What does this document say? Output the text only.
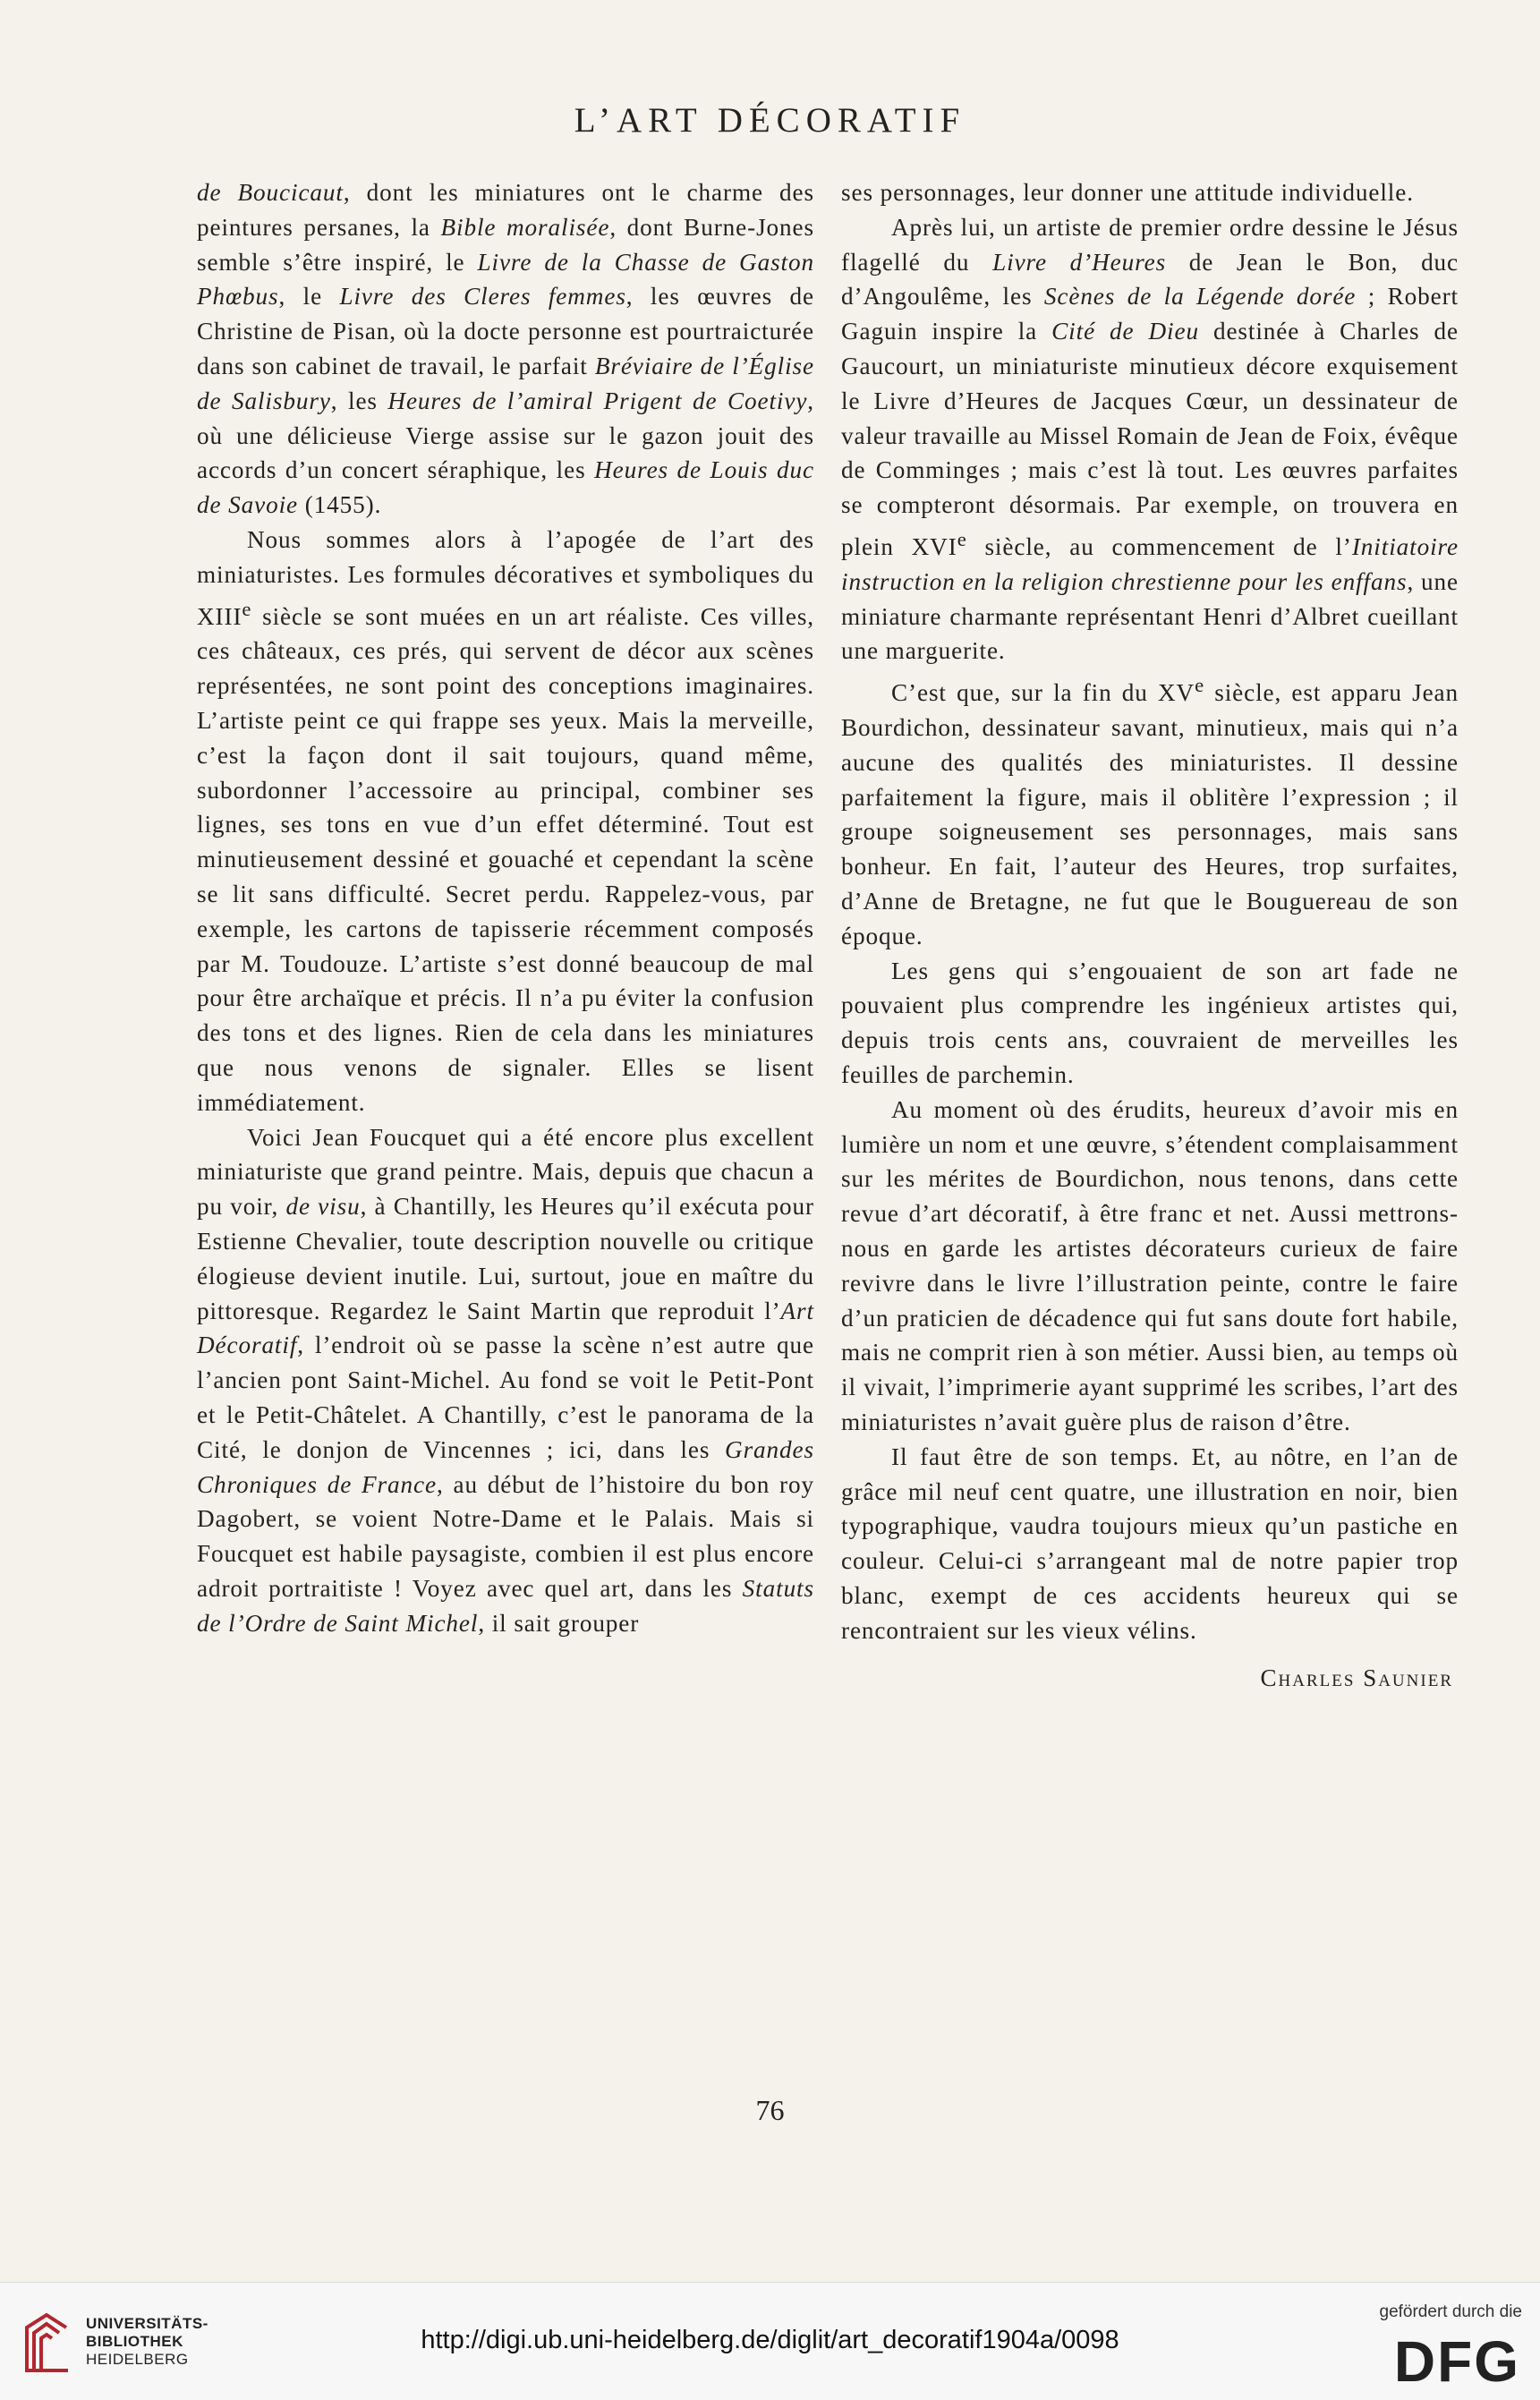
L’ART DÉCORATIF

de Boucicaut, dont les miniatures ont le charme des peintures persanes, la Bible moralisée, dont Burne-Jones semble s’être inspiré, le Livre de la Chasse de Gaston Phœbus, le Livre des Cleres femmes, les œuvres de Christine de Pisan, où la docte personne est pourtraicturée dans son cabinet de travail, le parfait Bréviaire de l’Église de Salisbury, les Heures de l’amiral Prigent de Coetivy, où une délicieuse Vierge assise sur le gazon jouit des accords d’un concert séraphique, les Heures de Louis duc de Savoie (1455).

Nous sommes alors à l’apogée de l’art des miniaturistes. Les formules décoratives et symboliques du XIIIe siècle se sont muées en un art réaliste. Ces villes, ces châteaux, ces prés, qui servent de décor aux scènes représentées, ne sont point des conceptions imaginaires. L’artiste peint ce qui frappe ses yeux. Mais la merveille, c’est la façon dont il sait toujours, quand même, subordonner l’accessoire au principal, combiner ses lignes, ses tons en vue d’un effet déterminé. Tout est minutieusement dessiné et gouaché et cependant la scène se lit sans difficulté. Secret perdu. Rappelez-vous, par exemple, les cartons de tapisserie récemment composés par M. Toudouze. L’artiste s’est donné beaucoup de mal pour être archaïque et précis. Il n’a pu éviter la confusion des tons et des lignes. Rien de cela dans les miniatures que nous venons de signaler. Elles se lisent immédiatement.

Voici Jean Foucquet qui a été encore plus excellent miniaturiste que grand peintre. Mais, depuis que chacun a pu voir, de visu, à Chantilly, les Heures qu’il exécuta pour Estienne Chevalier, toute description nouvelle ou critique élogieuse devient inutile. Lui, surtout, joue en maître du pittoresque. Regardez le Saint Martin que reproduit l’Art Décoratif, l’endroit où se passe la scène n’est autre que l’ancien pont Saint-Michel. Au fond se voit le Petit-Pont et le Petit-Châtelet. A Chantilly, c’est le panorama de la Cité, le donjon de Vincennes ; ici, dans les Grandes Chroniques de France, au début de l’histoire du bon roy Dagobert, se voient Notre-Dame et le Palais. Mais si Foucquet est habile paysagiste, combien il est plus encore adroit portraitiste ! Voyez avec quel art, dans les Statuts de l’Ordre de Saint Michel, il sait grouper

ses personnages, leur donner une attitude individuelle.

Après lui, un artiste de premier ordre dessine le Jésus flagellé du Livre d’Heures de Jean le Bon, duc d’Angoulême, les Scènes de la Légende dorée ; Robert Gaguin inspire la Cité de Dieu destinée à Charles de Gaucourt, un miniaturiste minutieux décore exquisement le Livre d’Heures de Jacques Cœur, un dessinateur de valeur travaille au Missel Romain de Jean de Foix, évêque de Comminges ; mais c’est là tout. Les œuvres parfaites se compteront désormais. Par exemple, on trouvera en plein XVIe siècle, au commencement de l’Initiatoire instruction en la religion chrestienne pour les enffans, une miniature charmante représentant Henri d’Albret cueillant une marguerite.

C’est que, sur la fin du XVe siècle, est apparu Jean Bourdichon, dessinateur savant, minutieux, mais qui n’a aucune des qualités des miniaturistes. Il dessine parfaitement la figure, mais il oblitère l’expression ; il groupe soigneusement ses personnages, mais sans bonheur. En fait, l’auteur des Heures, trop surfaites, d’Anne de Bretagne, ne fut que le Bouguereau de son époque.

Les gens qui s’engouaient de son art fade ne pouvaient plus comprendre les ingénieux artistes qui, depuis trois cents ans, couvraient de merveilles les feuilles de parchemin.

Au moment où des érudits, heureux d’avoir mis en lumière un nom et une œuvre, s’étendent complaisamment sur les mérites de Bourdichon, nous tenons, dans cette revue d’art décoratif, à être franc et net. Aussi mettrons-nous en garde les artistes décorateurs curieux de faire revivre dans le livre l’illustration peinte, contre le faire d’un praticien de décadence qui fut sans doute fort habile, mais ne comprit rien à son métier. Aussi bien, au temps où il vivait, l’imprimerie ayant supprimé les scribes, l’art des miniaturistes n’avait guère plus de raison d’être.

Il faut être de son temps. Et, au nôtre, en l’an de grâce mil neuf cent quatre, une illustration en noir, bien typographique, vaudra toujours mieux qu’un pastiche en couleur. Celui-ci s’arrangeant mal de notre papier trop blanc, exempt de ces accidents heureux qui se rencontraient sur les vieux vélins.

Charles Saunier
76
UNIVERSITÄTS-
BIBLIOTHEK
HEIDELBERG
http://digi.ub.uni-heidelberg.de/diglit/art_decoratif1904a/0098
gefördert durch die
DFG
